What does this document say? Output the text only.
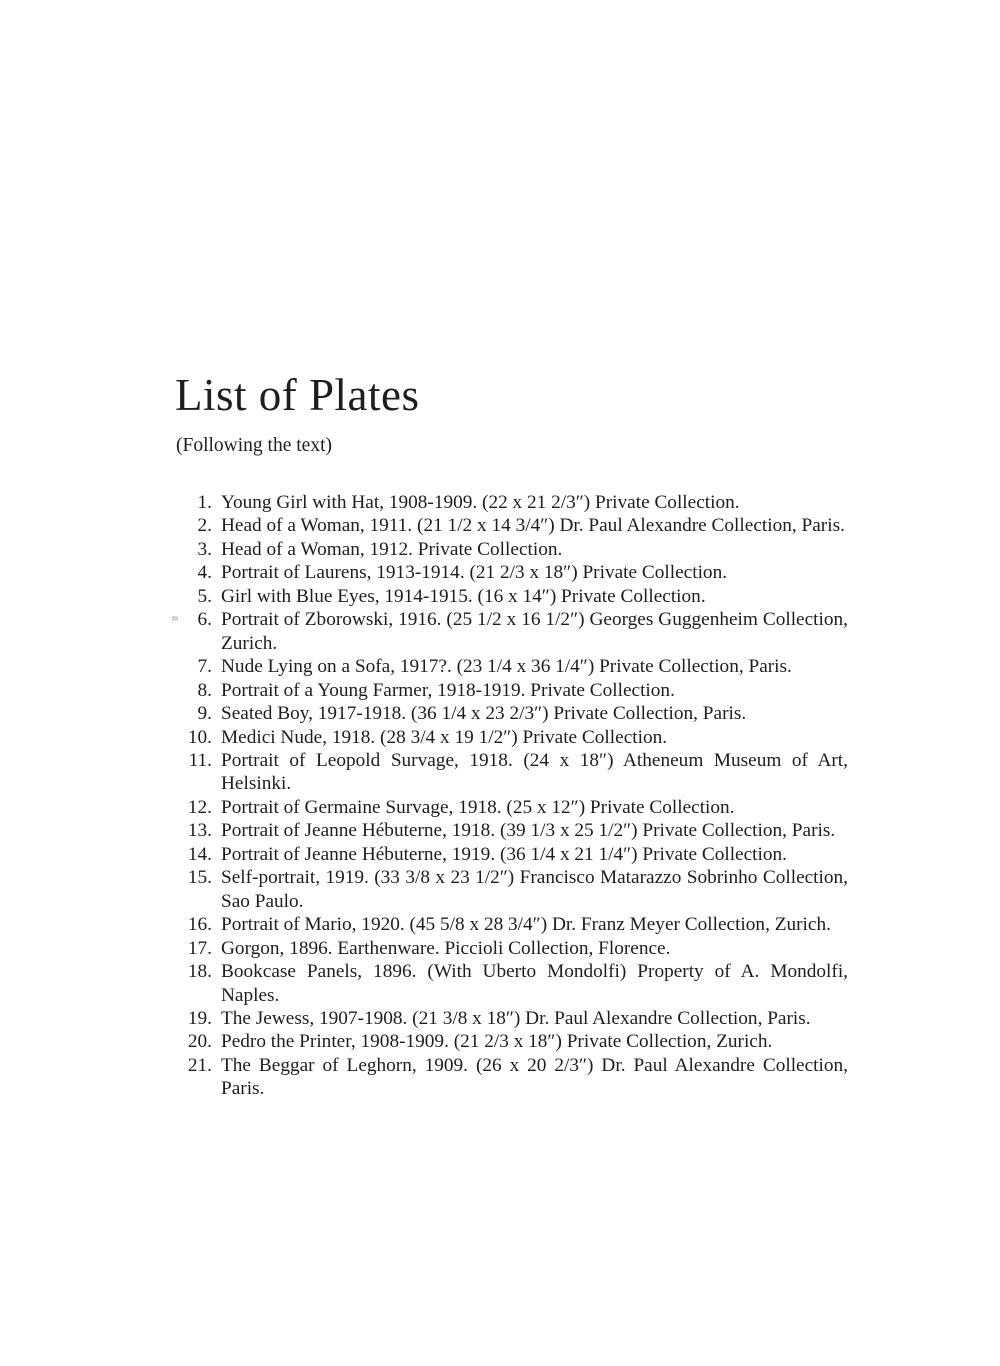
List of Plates

(Following the text)

1. Young Girl with Hat, 1908-1909. (22 x 21 2/3″) Private Collection.
2. Head of a Woman, 1911. (21 1/2 x 14 3/4″) Dr. Paul Alexandre Collection, Paris.
3. Head of a Woman, 1912. Private Collection.
4. Portrait of Laurens, 1913-1914. (21 2/3 x 18″) Private Collection.
5. Girl with Blue Eyes, 1914-1915. (16 x 14″) Private Collection.
≈ 6. Portrait of Zborowski, 1916. (25 1/2 x 16 1/2″) Georges Guggenheim Collection, Zurich.
7. Nude Lying on a Sofa, 1917?. (23 1/4 x 36 1/4″) Private Collection, Paris.
8. Portrait of a Young Farmer, 1918-1919. Private Collection.
9. Seated Boy, 1917-1918. (36 1/4 x 23 2/3″) Private Collection, Paris.
10. Medici Nude, 1918. (28 3/4 x 19 1/2″) Private Collection.
11. Portrait of Leopold Survage, 1918. (24 x 18″) Atheneum Museum of Art, Helsinki.
12. Portrait of Germaine Survage, 1918. (25 x 12″) Private Collection.
13. Portrait of Jeanne Hébuterne, 1918. (39 1/3 x 25 1/2″) Private Collection, Paris.
14. Portrait of Jeanne Hébuterne, 1919. (36 1/4 x 21 1/4″) Private Collection.
15. Self-portrait, 1919. (33 3/8 x 23 1/2″) Francisco Matarazzo Sobrinho Collection, Sao Paulo.
16. Portrait of Mario, 1920. (45 5/8 x 28 3/4″) Dr. Franz Meyer Collection, Zurich.
17. Gorgon, 1896. Earthenware. Piccioli Collection, Florence.
18. Bookcase Panels, 1896. (With Uberto Mondolfi) Property of A. Mondolfi, Naples.
19. The Jewess, 1907-1908. (21 3/8 x 18″) Dr. Paul Alexandre Collection, Paris.
20. Pedro the Printer, 1908-1909. (21 2/3 x 18″) Private Collection, Zurich.
21. The Beggar of Leghorn, 1909. (26 x 20 2/3″) Dr. Paul Alexandre Collection, Paris.
